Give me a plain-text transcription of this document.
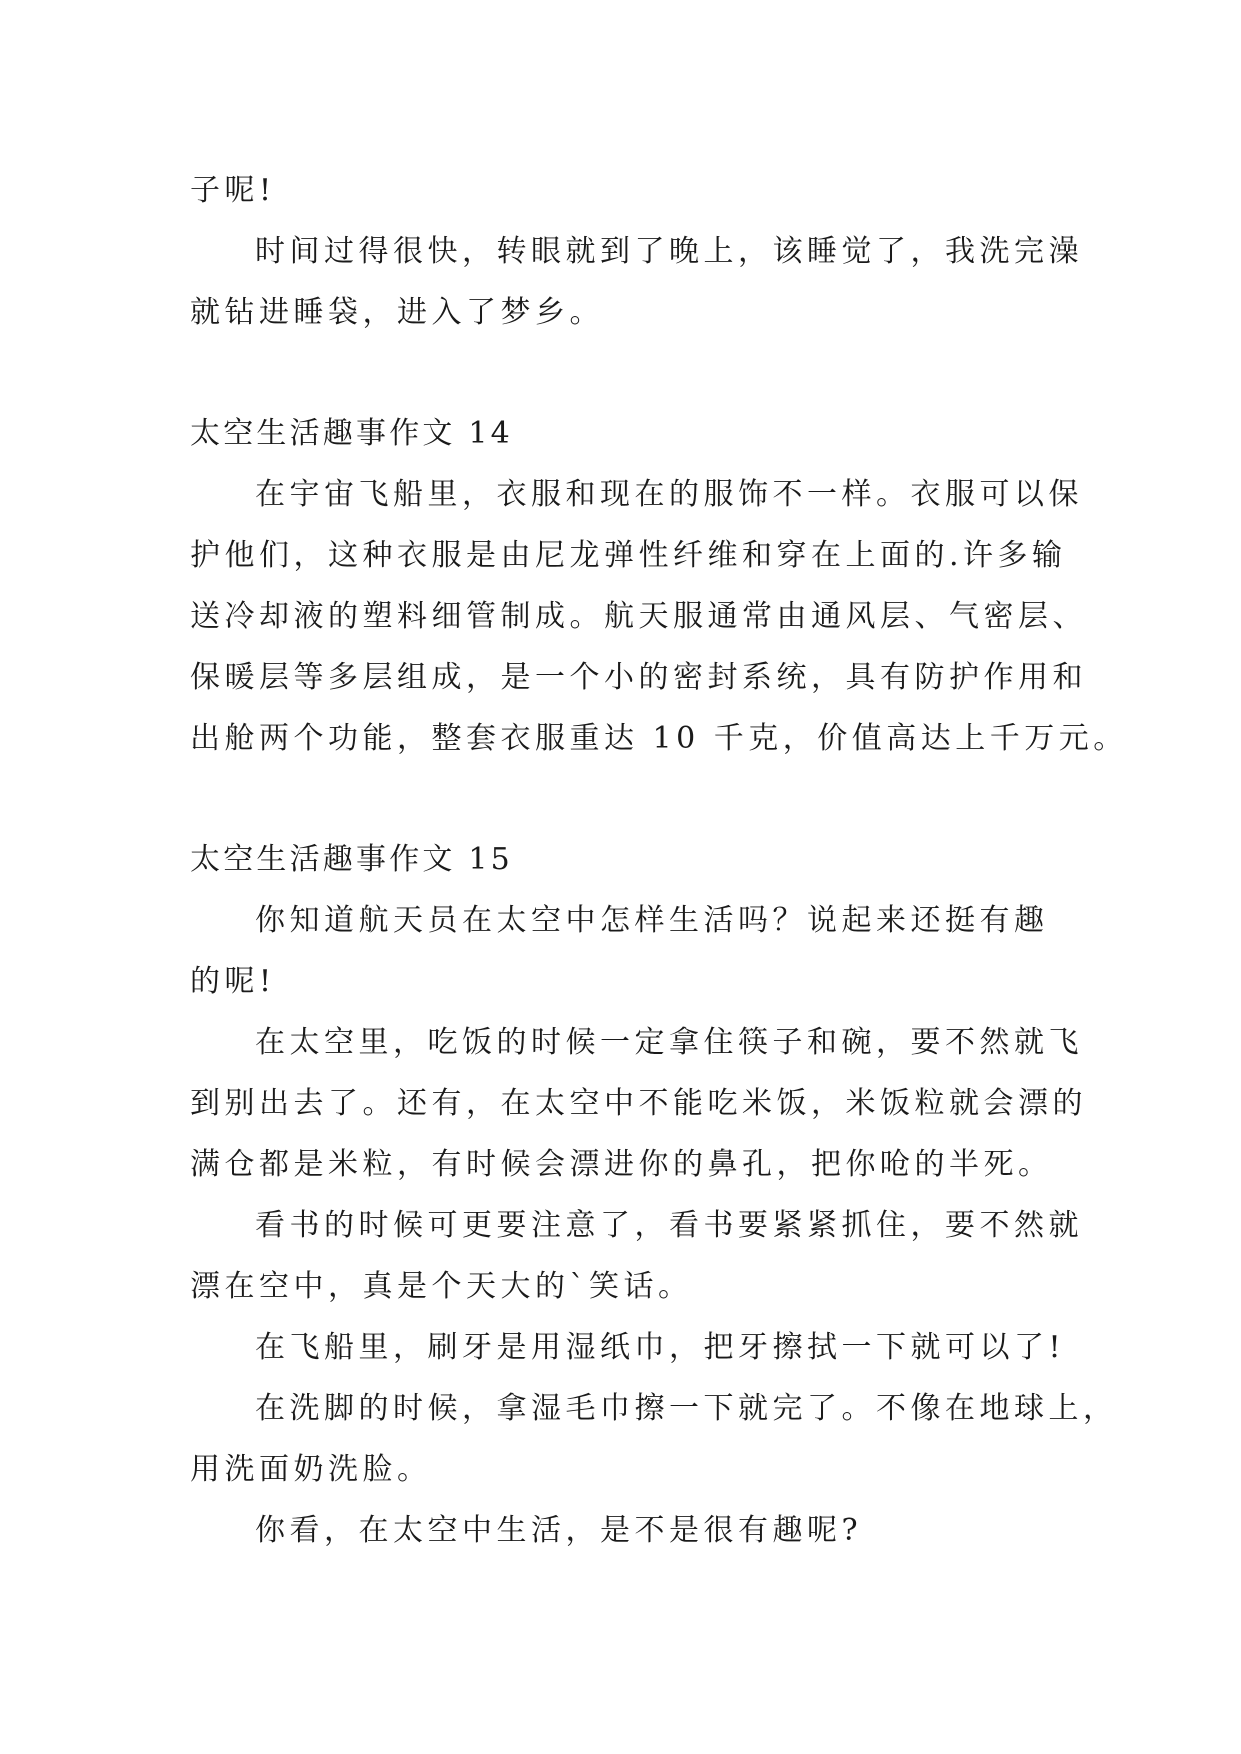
子呢!
时间过得很快，转眼就到了晚上，该睡觉了，我洗完澡
就钻进睡袋，进入了梦乡。
太空生活趣事作文 14
在宇宙飞船里，衣服和现在的服饰不一样。衣服可以保
护他们，这种衣服是由尼龙弹性纤维和穿在上面的.许多输
送冷却液的塑料细管制成。航天服通常由通风层、气密层、
保暖层等多层组成，是一个小的密封系统，具有防护作用和
出舱两个功能，整套衣服重达 10 千克，价值高达上千万元。
太空生活趣事作文 15
你知道航天员在太空中怎样生活吗？说起来还挺有趣
的呢!
在太空里，吃饭的时候一定拿住筷子和碗，要不然就飞
到别出去了。还有，在太空中不能吃米饭，米饭粒就会漂的
满仓都是米粒，有时候会漂进你的鼻孔，把你呛的半死。
看书的时候可更要注意了，看书要紧紧抓住，要不然就
漂在空中，真是个天大的`笑话。
在飞船里，刷牙是用湿纸巾，把牙擦拭一下就可以了!
在洗脚的时候，拿湿毛巾擦一下就完了。不像在地球上，
用洗面奶洗脸。
你看，在太空中生活，是不是很有趣呢?
